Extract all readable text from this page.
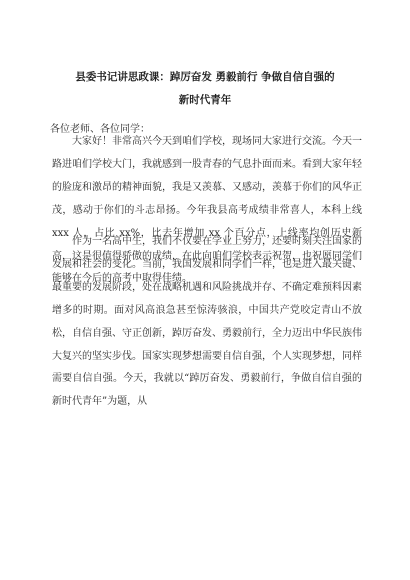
县委书记讲思政课：踔厉奋发 勇毅前行 争做自信自强的
新时代青年
各位老师、各位同学：

大家好！非常高兴今天到咱们学校，现场同大家进行交流。今天一路进咱们学校大门，我就感到一股青春的气息扑面而来。看到大家年轻的脸庞和激昂的精神面貌，我是又羡慕、又感动，羡慕于你们的风华正茂，感动于你们的斗志昂扬。今年我县高考成绩非常喜人，本科上线 xxx 人，占比 xx%，比去年增加 xx 个百分点，上线率均创历史新高，这是很值得骄傲的成绩，在此向咱们学校表示祝贺，也祝愿同学们能够在今后的高考中取得佳绩。

作为一名高中生，我们不仅要在学业上努力，还要时刻关注国家的发展和社会的变化。当前，我国发展和同学们一样，也是进入最关键、最重要的发展阶段，处在战略机遇和风险挑战并存、不确定难预料因素增多的时期。面对风高浪急甚至惊涛骇浪，中国共产党咬定青山不放松，自信自强、守正创新，踔厉奋发、勇毅前行，全力迈出中华民族伟大复兴的坚实步伐。国家实现梦想需要自信自强，个人实现梦想，同样需要自信自强。今天，我就以“踔厉奋发、勇毅前行，争做自信自强的新时代青年”为题，从
